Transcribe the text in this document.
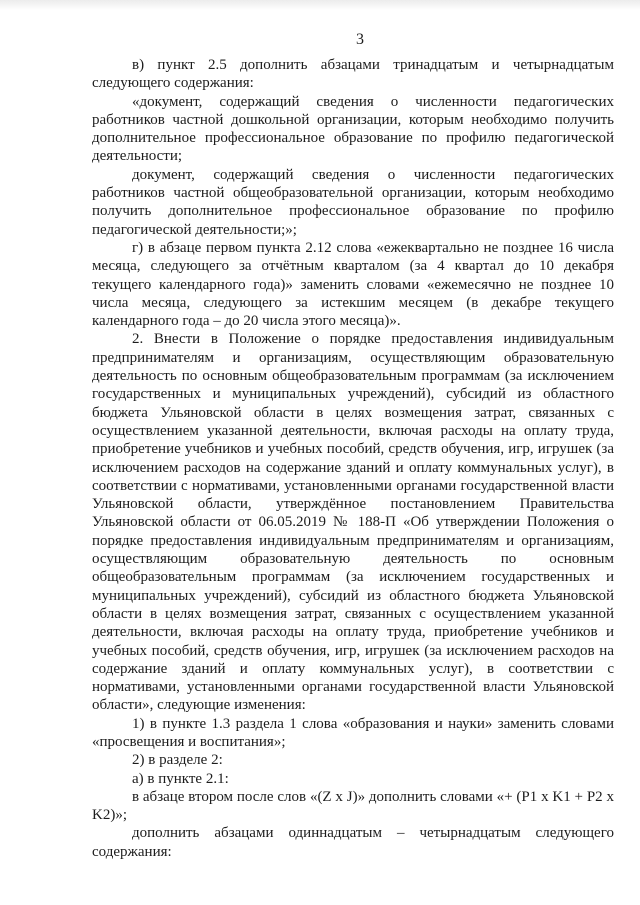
3

в) пункт 2.5 дополнить абзацами тринадцатым и четырнадцатым следующего содержания:

«документ, содержащий сведения о численности педагогических работников частной дошкольной организации, которым необходимо получить дополнительное профессиональное образование по профилю педагогической деятельности;

документ, содержащий сведения о численности педагогических работников частной общеобразовательной организации, которым необходимо получить дополнительное профессиональное образование по профилю педагогической деятельности;»;

г) в абзаце первом пункта 2.12 слова «ежеквартально не позднее 16 числа месяца, следующего за отчётным кварталом (за 4 квартал до 10 декабря текущего календарного года)» заменить словами «ежемесячно не позднее 10 числа месяца, следующего за истекшим месяцем (в декабре текущего календарного года – до 20 числа этого месяца)».

2. Внести в Положение о порядке предоставления индивидуальным предпринимателям и организациям, осуществляющим образовательную деятельность по основным общеобразовательным программам (за исключением государственных и муниципальных учреждений), субсидий из областного бюджета Ульяновской области в целях возмещения затрат, связанных с осуществлением указанной деятельности, включая расходы на оплату труда, приобретение учебников и учебных пособий, средств обучения, игр, игрушек (за исключением расходов на содержание зданий и оплату коммунальных услуг), в соответствии с нормативами, установленными органами государственной власти Ульяновской области, утверждённое постановлением Правительства Ульяновской области от 06.05.2019 № 188-П «Об утверждении Положения о порядке предоставления индивидуальным предпринимателям и организациям, осуществляющим образовательную деятельность по основным общеобразовательным программам (за исключением государственных и муниципальных учреждений), субсидий из областного бюджета Ульяновской области в целях возмещения затрат, связанных с осуществлением указанной деятельности, включая расходы на оплату труда, приобретение учебников и учебных пособий, средств обучения, игр, игрушек (за исключением расходов на содержание зданий и оплату коммунальных услуг), в соответствии с нормативами, установленными органами государственной власти Ульяновской области», следующие изменения:

1) в пункте 1.3 раздела 1 слова «образования и науки» заменить словами «просвещения и воспитания»;

2) в разделе 2:

а) в пункте 2.1:

в абзаце втором после слов «(Z x J)» дополнить словами «+ (P1 x K1 + P2 x K2)»;

дополнить абзацами одиннадцатым – четырнадцатым следующего содержания:
